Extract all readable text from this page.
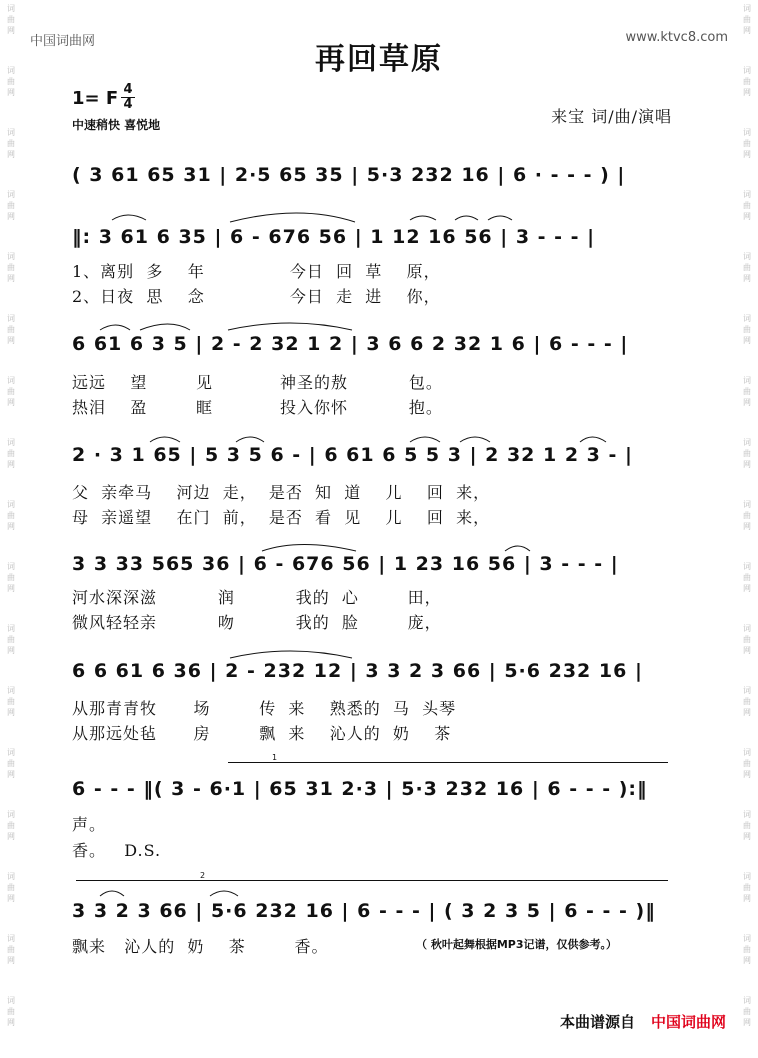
词
曲
网
词
曲
网
词
曲
网
词
曲
网
词
曲
网
词
曲
网
词
曲
网
词
曲
网
词
曲
网
词
曲
网
词
曲
网
词
曲
网
词
曲
网
词
曲
网
词
曲
网
词
曲
网
词
曲
网
词
曲
网
词
曲
网
词
曲
网
词
曲
网
词
曲
网
词
曲
网
词
曲
网
词
曲
网
词
曲
网
词
曲
网
词
曲
网
词
曲
网
词
曲
网
词
曲
网
词
曲
网
词
曲
网
词
曲
网
中国词曲网	www.ktvc8.com
再回草原
1= F 4
4
中速稍快 喜悦地	来宝 词/曲/演唱
( 3 61 65 31 | 2·5 65 35 | 5·3 232 16 | 6 · - - - ) |
‖: 3 61 6 35 | 6 - 676 56 | 1 12 16 56 | 3 - - - |
1、离别  多    年              今日  回  草    原，
2、日夜  思    念              今日  走  进    你，
6 61 6 3 5 | 2 - 2 32 1 2 | 3 6 6 2 32 1 6 | 6 - - - |
远远    望        见           神圣的敖          包。
热泪    盈        眶           投入你怀          抱。
2 · 3 1 65 | 5 3 5 6 - | 6 61 6 5 5 3 | 2 32 1 2 3 - |
父  亲牵马    河边  走，  是否  知  道    儿    回  来，
母  亲遥望    在门  前，  是否  看  见    儿    回  来，
3 3 33 565 36 | 6 - 676 56 | 1 23 16 56 | 3 - - - |
河水深深滋          润          我的  心        田，
微风轻轻亲          吻          我的  脸        庞，
6 6 61 6 36 | 2 - 232 12 | 3 3 2 3 66 | 5·6 232 16 |
从那青青牧      场        传  来    熟悉的  马  头琴
从那远处毡      房        飘  来    沁人的  奶    茶
1
6 - - - ‖( 3 - 6·1 | 65 31 2·3 | 5·3 232 16 | 6 - - - ):‖
声。
香。   D.S.
2
3 3 2 3 66 | 5·6 232 16 | 6 - - - | ( 3 2 3 5 | 6 - - - )‖
飘来   沁人的  奶    茶        香。	（ 秋叶起舞根据MP3记谱，仅供参考。）
本曲谱源自 中国词曲网
